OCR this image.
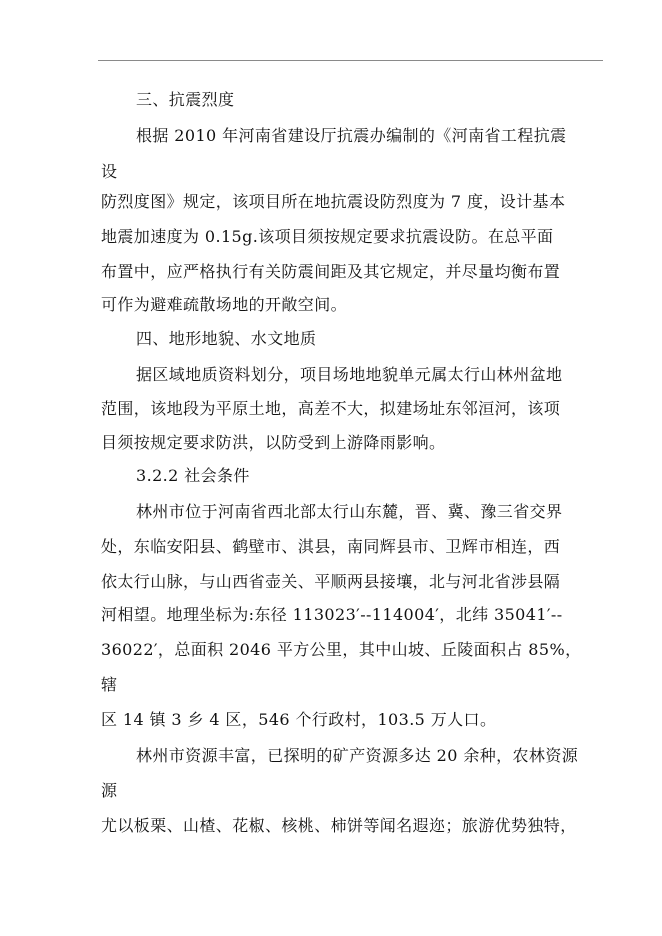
三、抗震烈度
根据 2010 年河南省建设厅抗震办编制的《河南省工程抗震
设
防烈度图》规定，该项目所在地抗震设防烈度为 7 度，设计基本
地震加速度为 0.15g.该项目须按规定要求抗震设防。在总平面
布置中，应严格执行有关防震间距及其它规定，并尽量均衡布置
可作为避难疏散场地的开敞空间。
四、地形地貌、水文地质
据区域地质资料划分，项目场地地貌单元属太行山林州盆地
范围，该地段为平原土地，高差不大，拟建场址东邻洹河，该项
目须按规定要求防洪，以防受到上游降雨影响。
3.2.2 社会条件
林州市位于河南省西北部太行山东麓，晋、冀、豫三省交界
处，东临安阳县、鹤壁市、淇县，南同辉县市、卫辉市相连，西
依太行山脉，与山西省壶关、平顺两县接壤，北与河北省涉县隔
河相望。地理坐标为:东径 113023′--114004′，北纬 35041′--
36022′，总面积 2046 平方公里，其中山坡、丘陵面积占 85%，
辖
区 14 镇 3 乡 4 区，546 个行政村，103.5 万人口。
林州市资源丰富，已探明的矿产资源多达 20 余种，农林资源
源
尤以板栗、山楂、花椒、核桃、柿饼等闻名遐迩；旅游优势独特，
